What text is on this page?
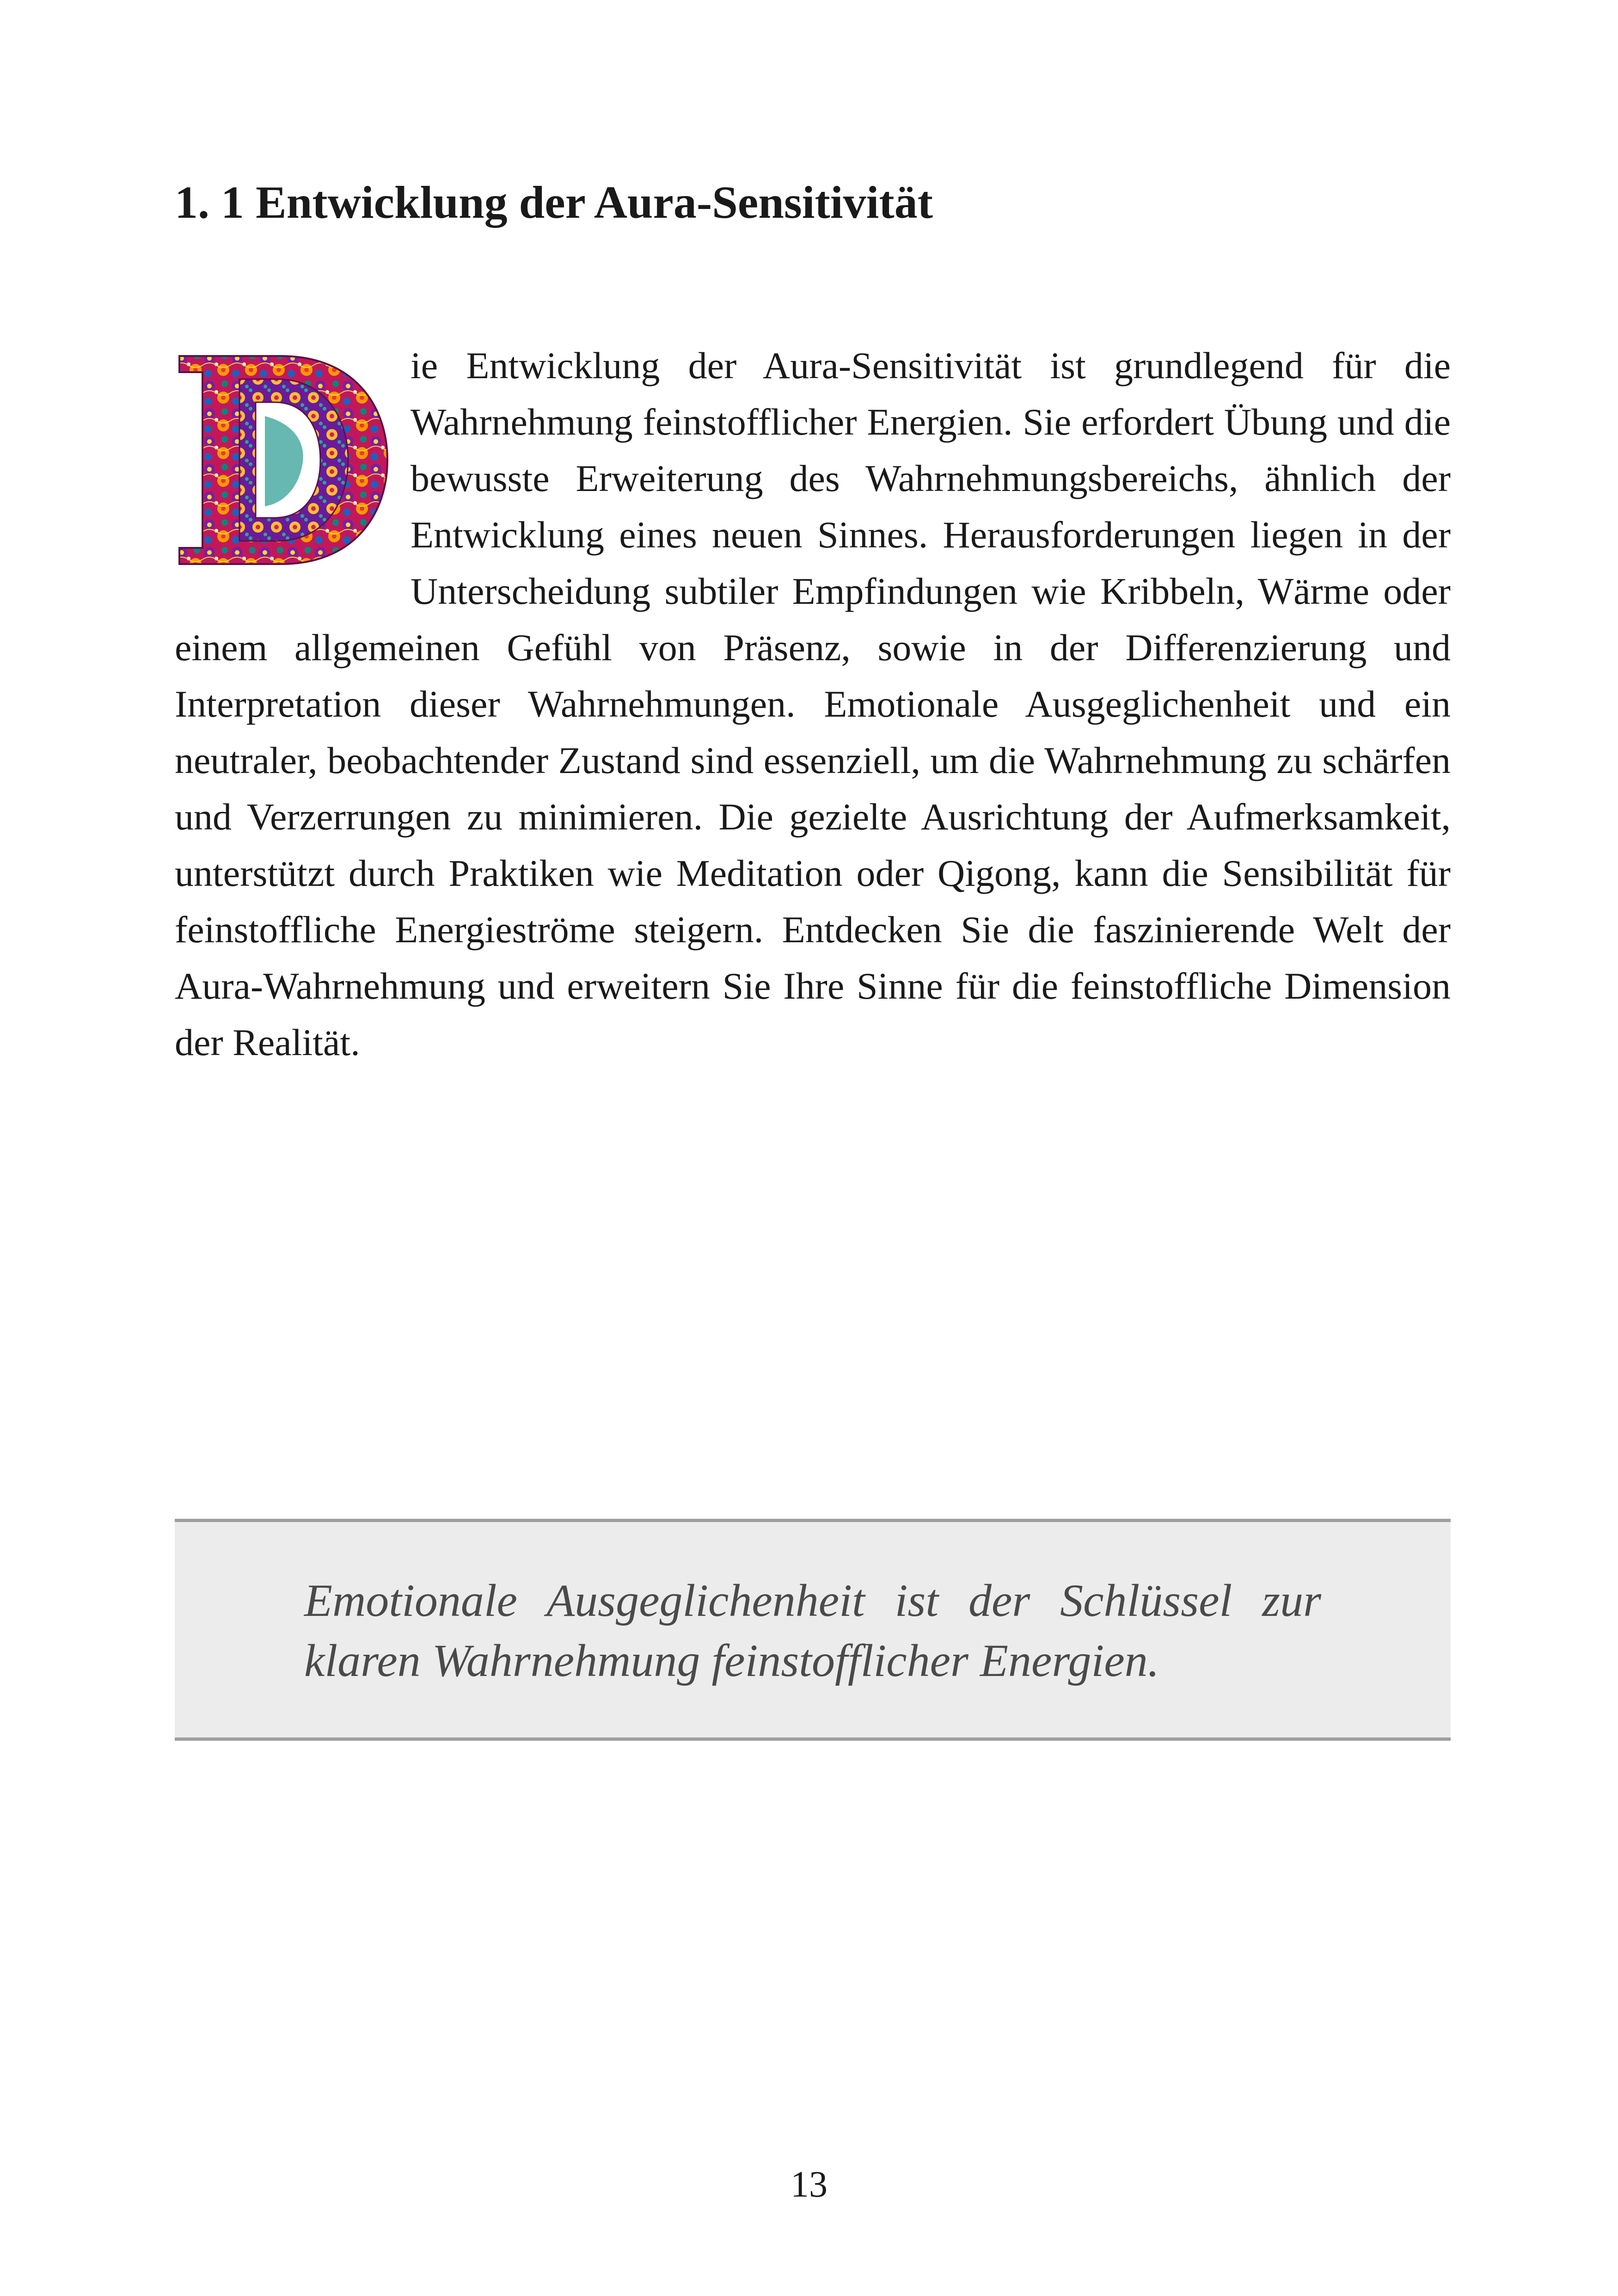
1. 1 Entwicklung der Aura-Sensitivität
ie Entwicklung der Aura-Sensitivität ist grundlegend für die Wahrnehmung feinstofflicher Energien. Sie erfordert Übung und die bewusste Erweiterung des Wahrnehmungsbereichs, ähnlich der Entwicklung eines neuen Sinnes. Herausforderungen liegen in der Unterscheidung subtiler Empfindungen wie Kribbeln, Wärme oder einem allgemeinen Gefühl von Präsenz, sowie in der Differenzierung und Interpretation dieser Wahrnehmungen. Emotionale Ausgeglichenheit und ein neutraler, beobachtender Zustand sind essenziell, um die Wahrnehmung zu schärfen und Verzerrungen zu minimieren. Die gezielte Ausrichtung der Aufmerksamkeit, unterstützt durch Praktiken wie Meditation oder Qigong, kann die Sensibilität für feinstoffliche Energieströme steigern. Entdecken Sie die faszinierende Welt der Aura-Wahrnehmung und erweitern Sie Ihre Sinne für die feinstoffliche Dimension der Realität.

Emotionale Ausgeglichenheit ist der Schlüssel zur klaren Wahrnehmung feinstofflicher Energien.

13
